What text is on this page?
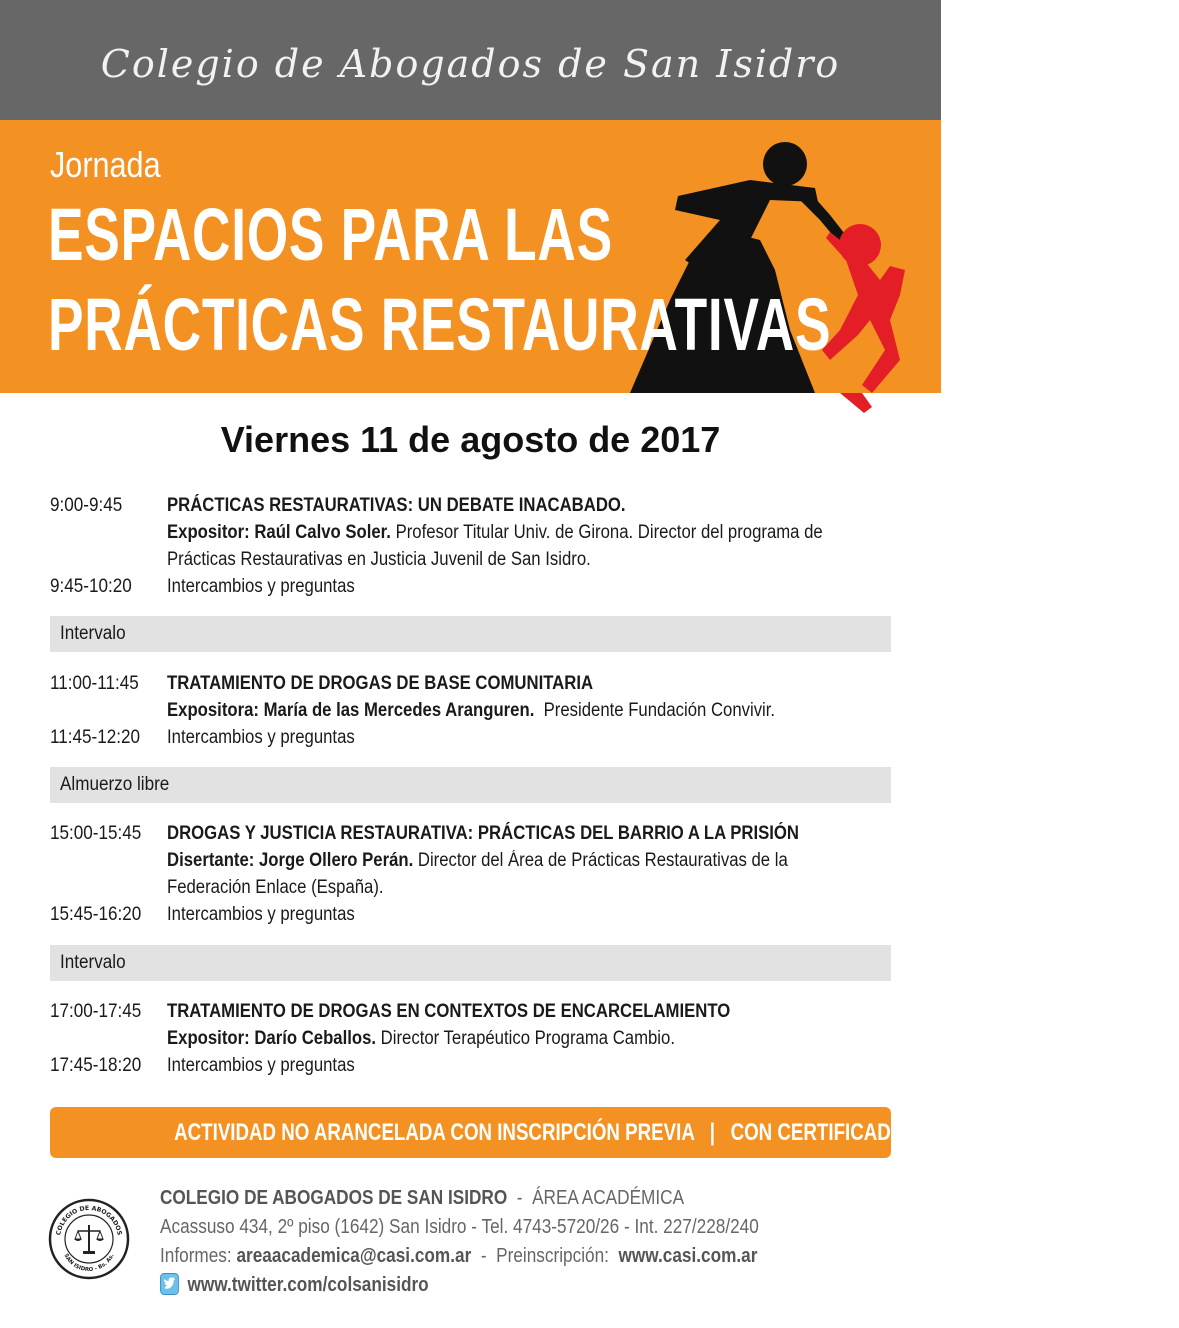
Colegio de Abogados de San Isidro
Jornada
ESPACIOS PARA LAS
PRÁCTICAS RESTAURATIVAS
Viernes 11 de agosto de 2017
9:00-9:45	PRÁCTICAS RESTAURATIVAS: UN DEBATE INACABADO.
Expositor: Raúl Calvo Soler. Profesor Titular Univ. de Girona. Director del programa de
Prácticas Restaurativas en Justicia Juvenil de San Isidro.
9:45-10:20	Intercambios y preguntas
Intervalo
11:00-11:45	TRATAMIENTO DE DROGAS DE BASE COMUNITARIA
Expositora: María de las Mercedes Aranguren.  Presidente Fundación Convivir.
11:45-12:20	Intercambios y preguntas
Almuerzo libre
15:00-15:45	DROGAS Y JUSTICIA RESTAURATIVA: PRÁCTICAS DEL BARRIO A LA PRISIÓN
Disertante: Jorge Ollero Perán. Director del Área de Prácticas Restaurativas de la
Federación Enlace (España).
15:45-16:20	Intercambios y preguntas
Intervalo
17:00-17:45	TRATAMIENTO DE DROGAS EN CONTEXTOS DE ENCARCELAMIENTO
Expositor: Darío Ceballos. Director Terapéutico Programa Cambio.
17:45-18:20	Intercambios y preguntas
ACTIVIDAD NO ARANCELADA CON INSCRIPCIÓN PREVIA   |   CON CERTIFICADO DE ASISTENCIA
COLEGIO DE ABOGADOS
SAN ISIDRO - Bs. As.
COLEGIO DE ABOGADOS DE SAN ISIDRO  -  ÁREA ACADÉMICA
Acassuso 434, 2º piso (1642) San Isidro - Tel. 4743-5720/26 - Int. 227/228/240
Informes: areaacademica@casi.com.ar  -  Preinscripción:  www.casi.com.ar
www.twitter.com/colsanisidro
